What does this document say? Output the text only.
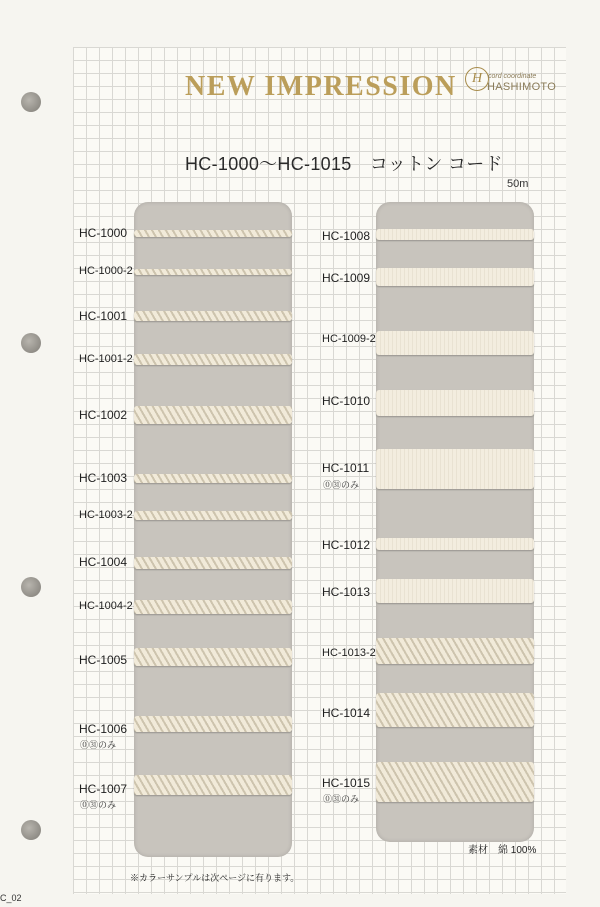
NEW IMPRESSION	H cord coordinate
HASHIMOTO
HC-1000〜HC-1015　コットン コード
50m
HC-1000
HC-1000-2
HC-1001
HC-1001-2
HC-1002
HC-1003
HC-1003-2
HC-1004
HC-1004-2
HC-1005
HC-1006
⓪㉛のみ
HC-1007
⓪㉛のみ
HC-1008
HC-1009
HC-1009-2
HC-1010
HC-1011
⓪㉛のみ
HC-1012
HC-1013
HC-1013-2
HC-1014
HC-1015
⓪㉛のみ
素材　綿 100%
※カラーサンプルは次ページに有ります。
C_02
